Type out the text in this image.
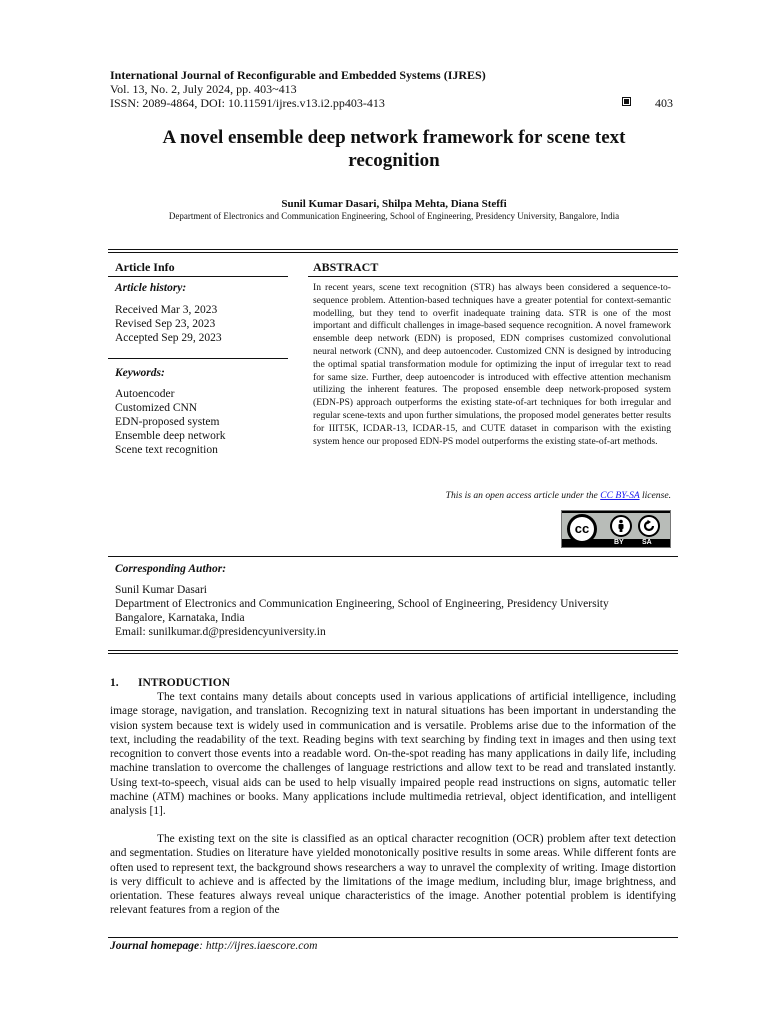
International Journal of Reconfigurable and Embedded Systems (IJRES)
Vol. 13, No. 2, July 2024, pp. 403~413
ISSN: 2089-4864, DOI: 10.11591/ijres.v13.i2.pp403-413	403
A novel ensemble deep network framework for scene text
recognition
Sunil Kumar Dasari, Shilpa Mehta, Diana Steffi
Department of Electronics and Communication Engineering, School of Engineering, Presidency University, Bangalore, India
Article Info
Article history:
Received Mar 3, 2023
Revised Sep 23, 2023
Accepted Sep 29, 2023
Keywords:
Autoencoder
Customized CNN
EDN-proposed system
Ensemble deep network
Scene text recognition
ABSTRACT
In recent years, scene text recognition (STR) has always been considered a sequence-to-sequence problem. Attention-based techniques have a greater potential for context-semantic modelling, but they tend to overfit inadequate training data. STR is one of the most important and difficult challenges in image-based sequence recognition. A novel framework ensemble deep network (EDN) is proposed, EDN comprises customized convolutional neural network (CNN), and deep autoencoder. Customized CNN is designed by introducing the optimal spatial transformation module for optimizing the input of irregular text to read for same size. Further, deep autoencoder is introduced with effective attention mechanism utilizing the inherent features. The proposed ensemble deep network-proposed system (EDN-PS) approach outperforms the existing state-of-art techniques for both irregular and regular scene-texts and upon further simulations, the proposed model generates better results for IIIT5K, ICDAR-13, ICDAR-15, and CUTE dataset in comparison with the existing system hence our proposed EDN-PS model outperforms the existing state-of-art methods.
This is an open access article under the CC BY-SA license.
cc
BY	SA
Corresponding Author:
Sunil Kumar Dasari
Department of Electronics and Communication Engineering, School of Engineering, Presidency University
Bangalore, Karnataka, India
Email: sunilkumar.d@presidencyuniversity.in
1. INTRODUCTION
The text contains many details about concepts used in various applications of artificial intelligence, including image storage, navigation, and translation. Recognizing text in natural situations has been important in understanding the vision system because text is widely used in communication and is versatile. Problems arise due to the information of the text, including the readability of the text. Reading begins with text searching by finding text in images and then using text recognition to convert those events into a readable word. On-the-spot reading has many applications in daily life, including machine translation to overcome the challenges of language restrictions and allow text to be read and translated instantly. Using text-to-speech, visual aids can be used to help visually impaired people read instructions on signs, automatic teller machine (ATM) machines or books. Many applications include multimedia retrieval, object identification, and intelligent analysis [1].
The existing text on the site is classified as an optical character recognition (OCR) problem after text detection and segmentation. Studies on literature have yielded monotonically positive results in some areas. While different fonts are often used to represent text, the background shows researchers a way to unravel the complexity of writing. Image distortion is very difficult to achieve and is affected by the limitations of the image medium, including blur, image brightness, and orientation. These features always reveal unique characteristics of the image. Another potential problem is identifying relevant features from a region of the
Journal homepage: http://ijres.iaescore.com
